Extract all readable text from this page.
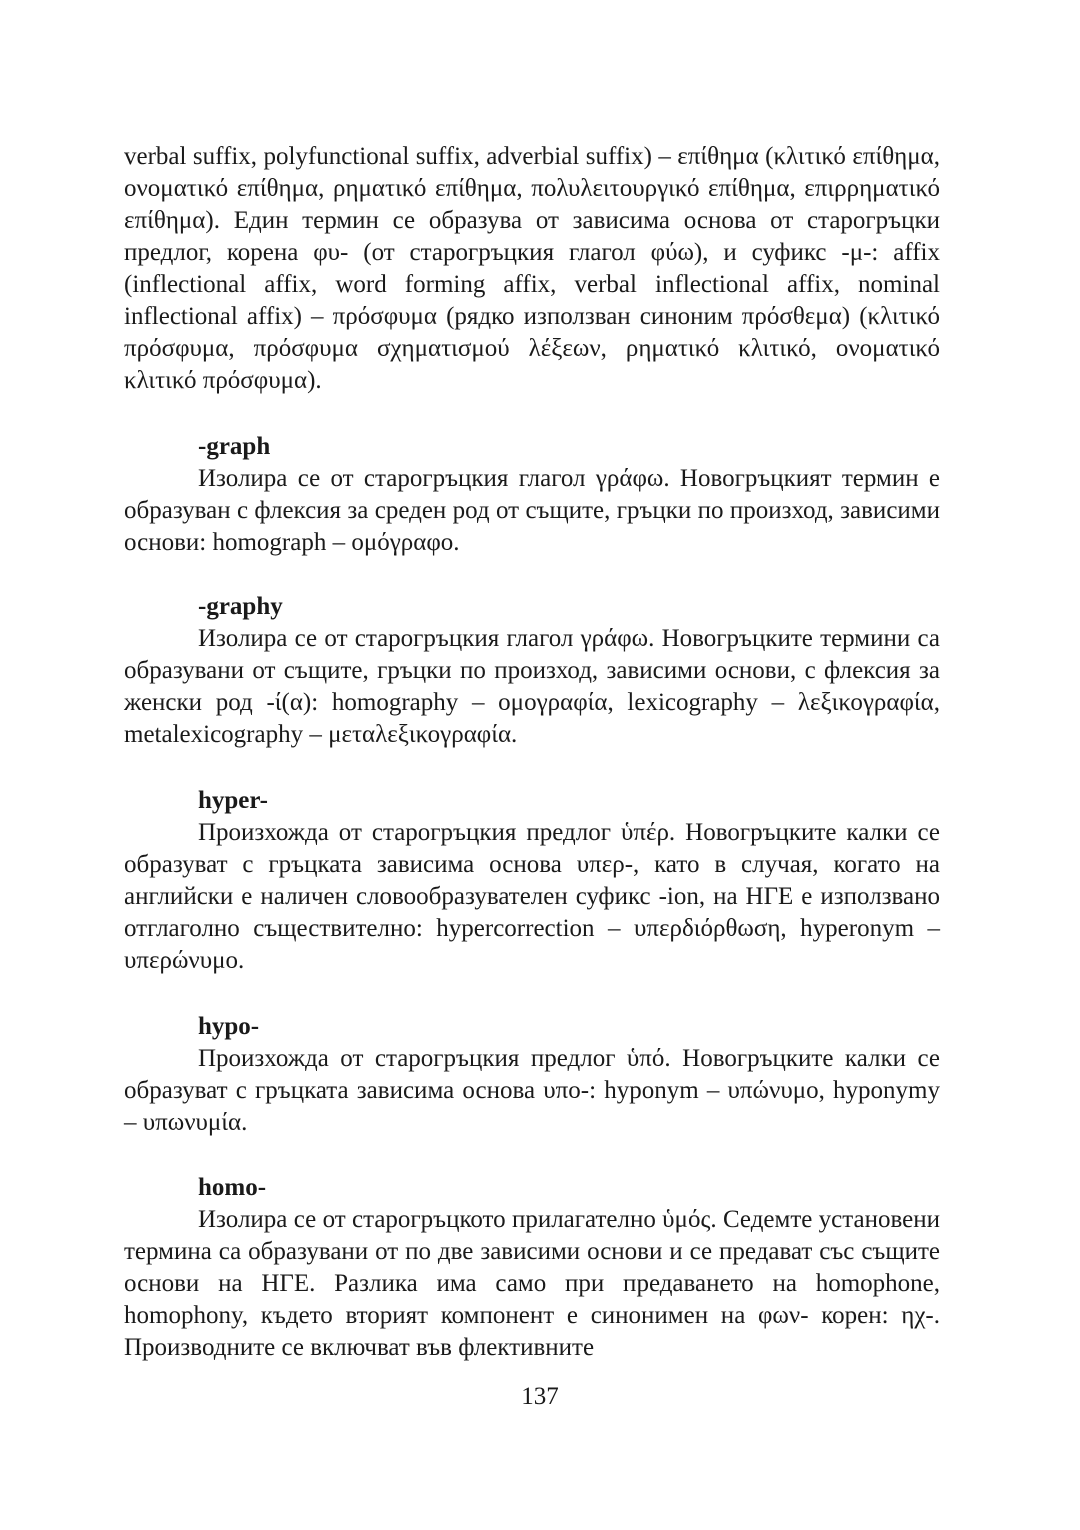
verbal suffix, polyfunctional suffix, adverbial suffix) – επίθημα (κλιτικό επίθημα, ονοματικό επίθημα, ρηματικό επίθημα, πολυλειτουργικό επίθημα, επιρρηματικό επίθημα). Един термин се образува от зависима основа от старогръцки предлог, корена φυ- (от старогръцкия глагол φύω), и суфикс -μ-: affix (inflectional affix, word forming affix, verbal inflectional affix, nominal inflectional affix) – πρόσφυμα (рядко използван синоним πρόσθεμα) (κλιτικό πρόσφυμα, πρόσφυμα σχηματισμού λέξεων, ρηματικό κλιτικό, ονοματικό κλιτικό πρόσφυμα).

-graph

Изолира се от старогръцкия глагол γράφω. Новогръцкият термин е образуван с флексия за среден род от същите, гръцки по произход, зависими основи: homograph – ομόγραφο.

-graphy

Изолира се от старогръцкия глагол γράφω. Новогръцките термини са образувани от същите, гръцки по произход, зависими основи, с флексия за женски род -ί(α): homography – ομογραφία, lexicography – λεξικογραφία, metalexicography – μεταλεξικογραφία.

hyper-

Произхожда от старогръцкия предлог ὑπέρ. Новогръцките калки се образуват с гръцката зависима основа υπερ-, като в случая, когато на английски е наличен словообразувателен суфикс -ion, на НГЕ е използвано отглаголно съществително: hypercorrection – υπερδιόρθωση, hyperonym – υπερώνυμο.

hypo-

Произхожда от старогръцкия предлог ὑπό. Новогръцките калки се образуват с гръцката зависима основа υπο-: hyponym – υπώνυμο, hyponymy – υπωνυμία.

homo-

Изолира се от старогръцкото прилагателно ὑμός. Седемте установени термина са образувани от по две зависими основи и се предават със същите основи на НГЕ. Разлика има само при предаването на homophone, homophony, където вторият компонент е синонимен на φων- корен: ηχ-. Производните се включват във флективните

137
